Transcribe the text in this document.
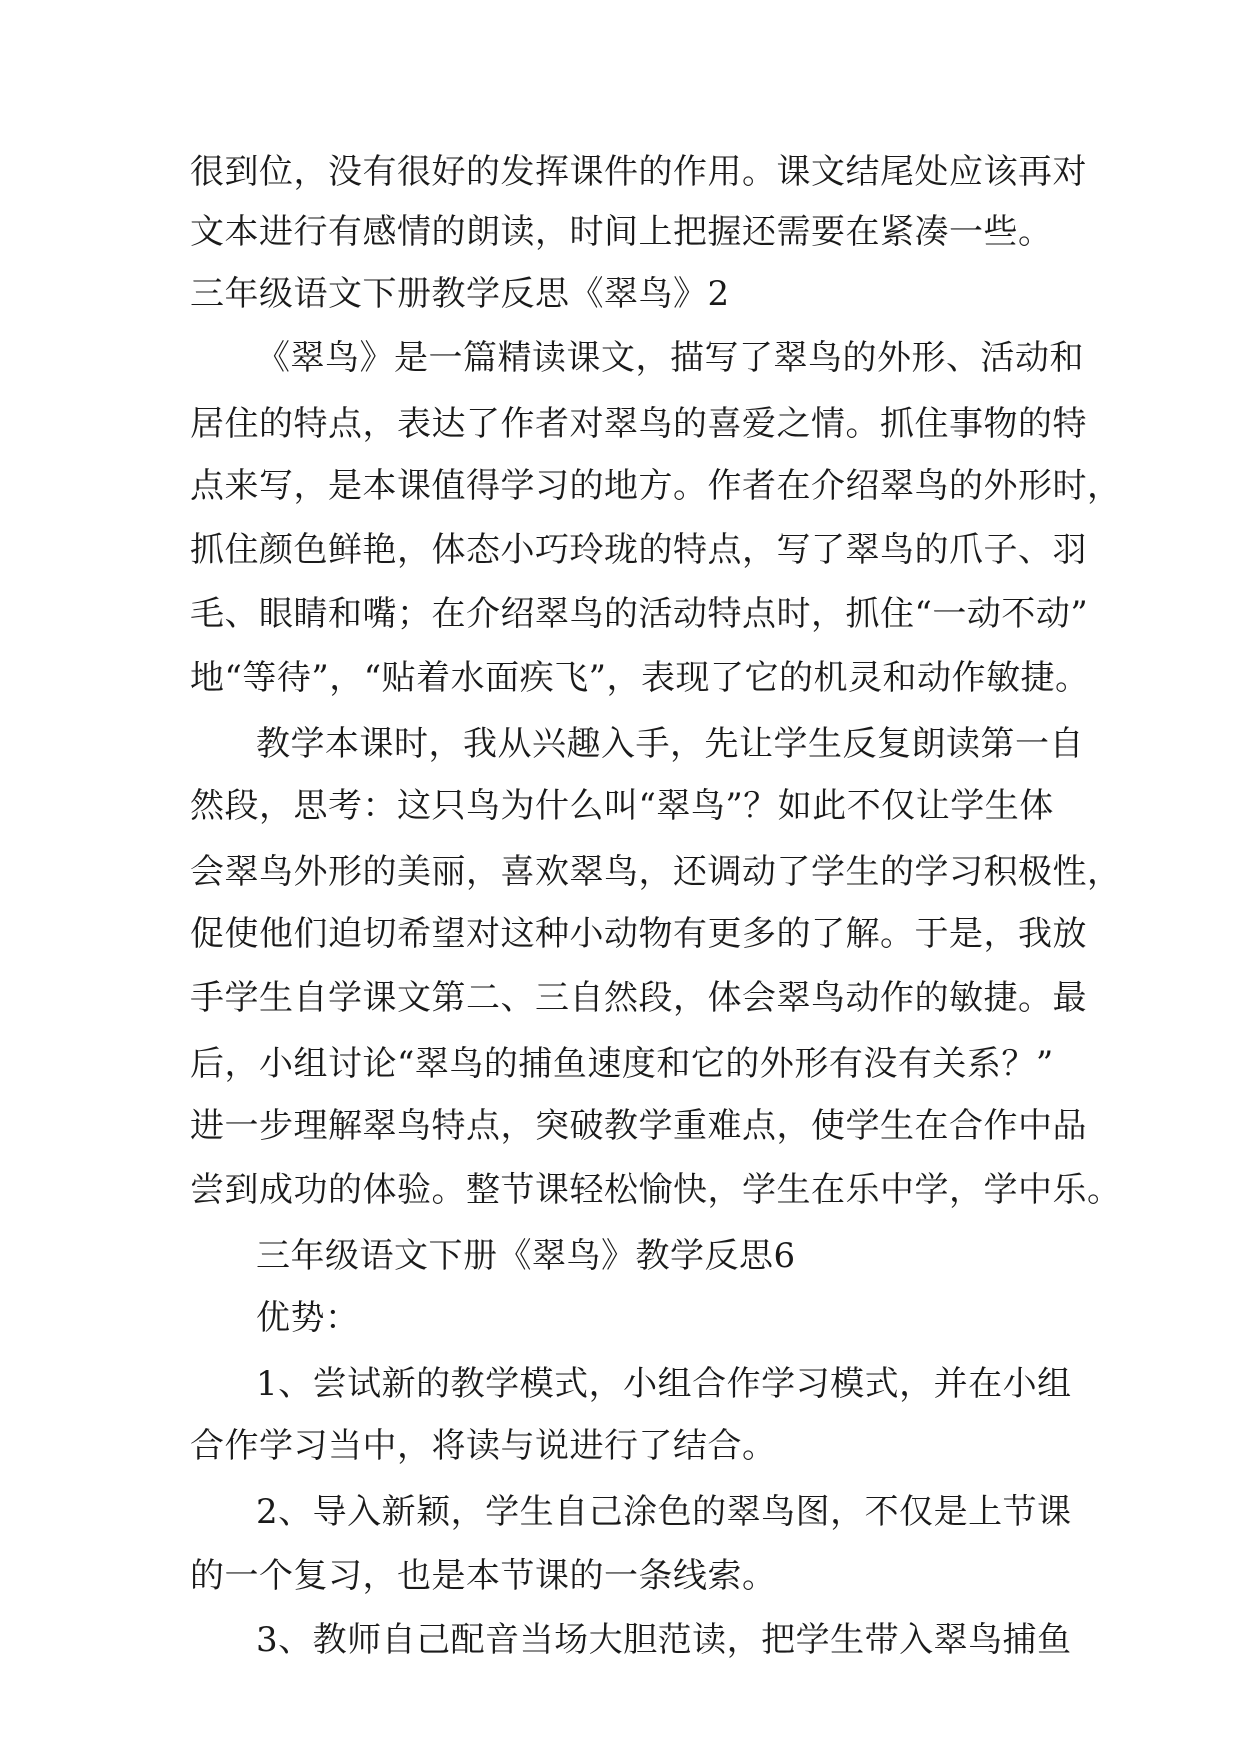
很到位，没有很好的发挥课件的作用。课文结尾处应该再对
文本进行有感情的朗读，时间上把握还需要在紧凑一些。
三年级语文下册教学反思《翠鸟》2
《翠鸟》是一篇精读课文，描写了翠鸟的外形、活动和
居住的特点，表达了作者对翠鸟的喜爱之情。抓住事物的特
点来写，是本课值得学习的地方。作者在介绍翠鸟的外形时，
抓住颜色鲜艳，体态小巧玲珑的特点，写了翠鸟的爪子、羽
毛、眼睛和嘴；在介绍翠鸟的活动特点时，抓住“一动不动”
地“等待”，“贴着水面疾飞”，表现了它的机灵和动作敏捷。
教学本课时，我从兴趣入手，先让学生反复朗读第一自
然段，思考：这只鸟为什么叫“翠鸟”？如此不仅让学生体
会翠鸟外形的美丽，喜欢翠鸟，还调动了学生的学习积极性，
促使他们迫切希望对这种小动物有更多的了解。于是，我放
手学生自学课文第二、三自然段，体会翠鸟动作的敏捷。最
后，小组讨论“翠鸟的捕鱼速度和它的外形有没有关系？”
进一步理解翠鸟特点，突破教学重难点，使学生在合作中品
尝到成功的体验。整节课轻松愉快，学生在乐中学，学中乐。
三年级语文下册《翠鸟》教学反思6
优势：
1、尝试新的教学模式，小组合作学习模式，并在小组
合作学习当中，将读与说进行了结合。
2、导入新颖，学生自己涂色的翠鸟图，不仅是上节课
的一个复习，也是本节课的一条线索。
3、教师自己配音当场大胆范读，把学生带入翠鸟捕鱼
